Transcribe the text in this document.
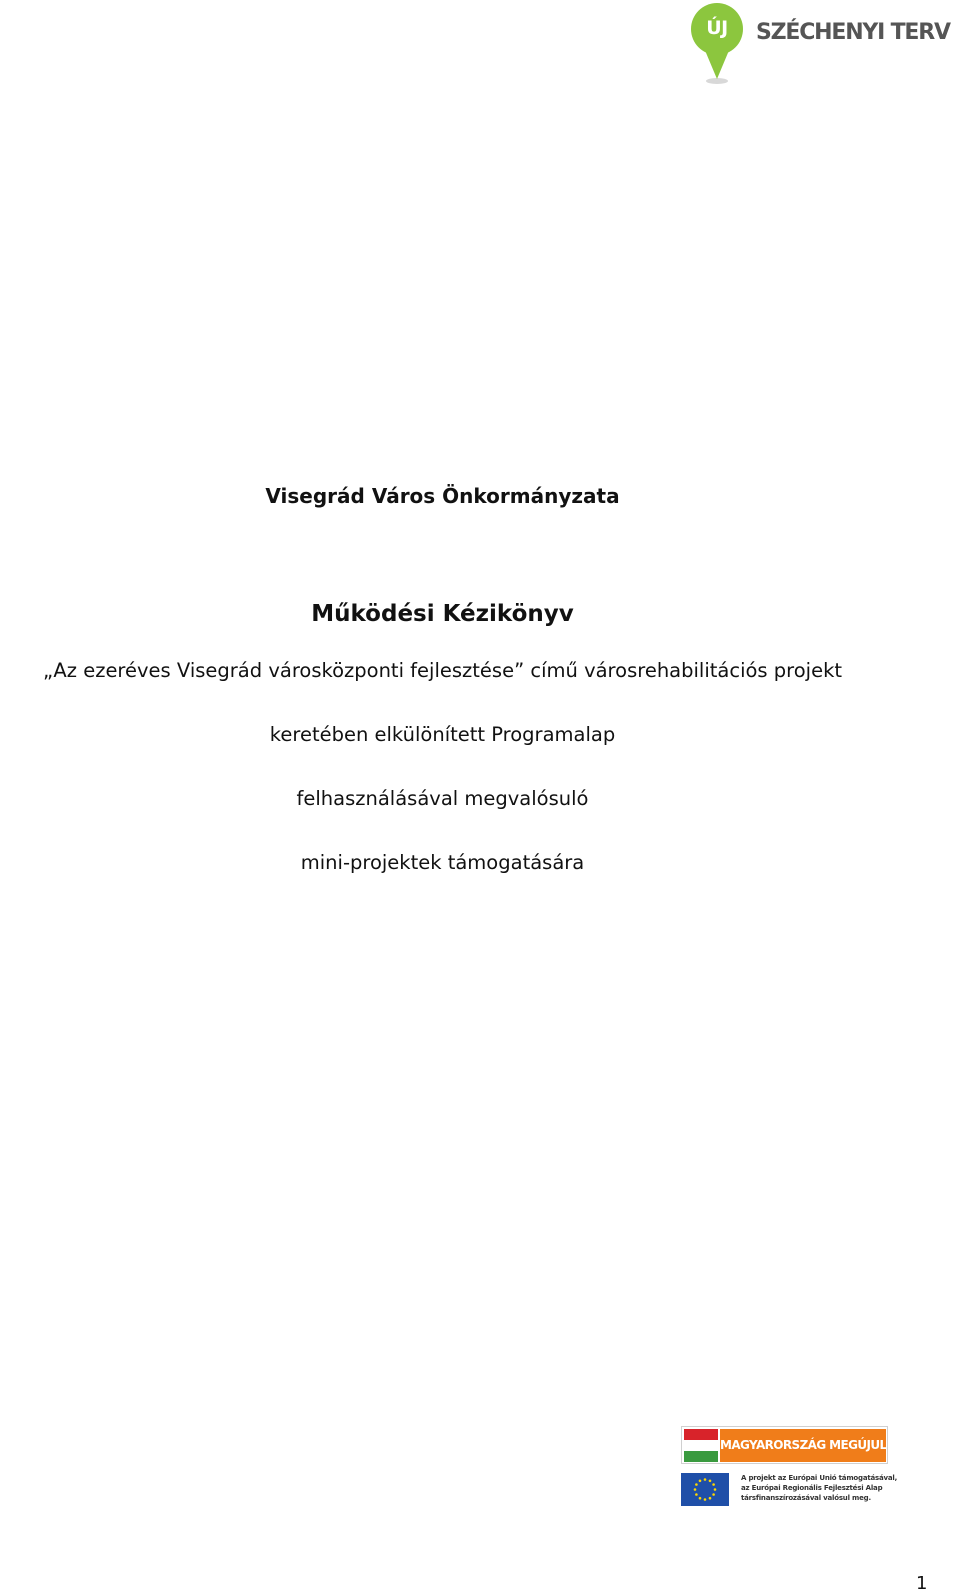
ÚJ	SZÉCHENYI TERV
Visegrád Város Önkormányzata
Működési Kézikönyv
„Az ezeréves Visegrád városközponti fejlesztése” című városrehabilitációs projekt
keretében elkülönített Programalap
felhasználásával megvalósuló
mini-projektek támogatására
MAGYARORSZÁG MEGÚJUL
A projekt az Európai Unió támogatásával,
az Európai Regionális Fejlesztési Alap
társfinanszírozásával valósul meg.
1
